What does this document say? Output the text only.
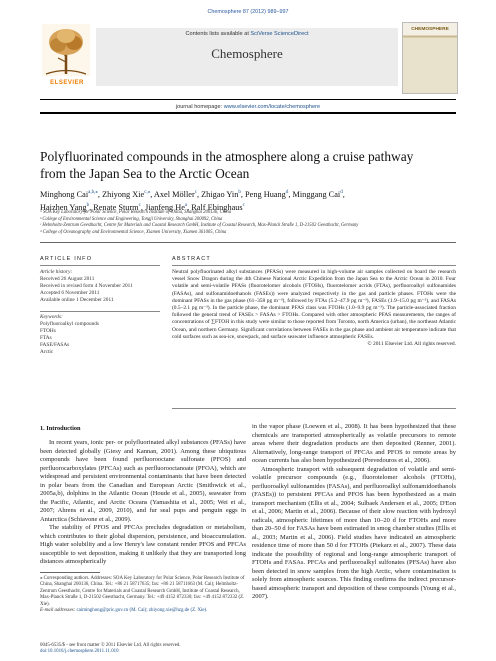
Chemosphere 87 (2012) 989–997
ELSEVIER
Contents lists available at SciVerse ScienceDirect
Chemosphere
CHEMOSPHERE
journal homepage: www.elsevier.com/locate/chemosphere
Polyfluorinated compounds in the atmosphere along a cruise pathway
from the Japan Sea to the Arctic Ocean
Minghong Cai$^{a,b,⁎}$, Zhiyong Xie$^{c,⁎}$, Axel Möller$^c$, Zhigao Yin$^b$, Peng Huang$^d$, Minggang Cai$^d$,
Haizhen Yang$^b$, Renate Sturm$^c$, Jianfeng He$^a$, Ralf Ebinghaus$^c$
ᵃ SOA Key Laboratory for Polar Science, Polar Research Institute of China, Shanghai 200136, China
ᵇ College of Environmental Science and Engineering, Tongji University, Shanghai 200092, China
ᶜ Helmholtz-Zentrum Geesthacht, Centre for Materials and Coastal Research GmbH, Institute of Coastal Research, Max-Planck Straße 1, D-21502 Geesthacht, Germany
ᵈ College of Oceanography and Environmental Science, Xiamen University, Xiamen 361005, China
ARTICLE INFO	ABSTRACT
Article history:
Received 26 August 2011
Received in revised form 4 November 2011
Accepted 6 November 2011
Available online 1 December 2011
Keywords:
Polyfluoroalkyl compounds
FTOHs
FTAs
FASE/FASAs
Arctic
Neutral polyfluorinated alkyl substances (PFASs) were measured in high-volume air samples collected on board the research vessel Snow Dragon during the 4th Chinese National Arctic Expedition from the Japan Sea to the Arctic Ocean in 2010. Four volatile and semi-volatile PFASs (fluorotelomer alcohols (FTOHs), fluorotelomer acrids (FTAs), perfluoroalkyl sulfonamides (FASAs), and sulfonamidoethanols (FASEs)) were analyzed respectively in the gas and particle phases. FTOHs were the dominant PFASs in the gas phase (61–358 pg m⁻³), followed by FTAs (5.2–47.9 pg m⁻³), FASEs (1.9–15.0 pg m⁻³), and FASAs (0.5–2.1 pg m⁻³). In the particle phase, the dominant PFAS class was FTOHs (1.0–9.9 pg m⁻³). The particle-associated fraction followed the general trend of FASEs > FASAs > FTOHs. Compared with other atmospheric PFAS measurements, the ranges of concentrations of ∑FTOH in this study were similar to those reported from Toronto, north America (urban), the northeast Atlantic Ocean, and northern Germany. Significant correlations between FASEs in the gas phase and ambient air temperature indicate that cold surfaces such as sea-ice, snowpack, and surface seawater influence atmospheric FASEs.
© 2011 Elsevier Ltd. All rights reserved.
1. Introduction

In recent years, ionic per- or polyfluorinated alkyl substances (PFASs) have been detected globally (Giesy and Kannan, 2001). Among these ubiquitous compounds have been found perfluorooctane sulfonate (PFOS) and perfluorocarboxylates (PFCAs) such as perfluorooctanoate (PFOA), which are widespread and persistent environmental contaminants that have been detected in polar bears from the Canadian and European Arctic (Smithwick et al., 2005a,b), dolphins in the Atlantic Ocean (Houde et al., 2005), seawater from the Pacific, Atlantic, and Arctic Oceans (Yamashita et al., 2005; Wei et al., 2007; Ahrens et al., 2009, 2010), and fur seal pups and penguin eggs in Antarctica (Schiavone et al., 2009).

The stability of PFOS and PFCAs precludes degradation or metabolism, which contributes to their global dispersion, persistence, and bioaccumulation. High water solubility and a low Henry's law constant render PFOS and PFCAs susceptible to wet deposition, making it unlikely that they are transported long distances atmospherically

in the vapor phase (Loewen et al., 2008). It has been hypothesized that these chemicals are transported atmospherically as volatile precursors to remote areas where their degradation products are then deposited (Renner, 2001). Alternatively, long-range transport of PFCAs and PFOS to remote areas by ocean currents has also been hypothesized (Prevedouros et al., 2006).

Atmospheric transport with subsequent degradation of volatile and semi-volatile precursor compounds (e.g., fluorotelomer alcohols (FTOHs), perfluoroalkyl sulfonamides (FASAs), and perfluoroalkyl sulfonamidoethanols (FASEs)) to persistent PFCAs and PFOS has been hypothesized as a main transport mechanism (Ellis et al., 2004; Sulbaek Andersen et al., 2005; D'Eon et al., 2006; Martin et al., 2006). Because of their slow reaction with hydroxyl radicals, atmospheric lifetimes of more than 10–20 d for FTOHs and more than 20–50 d for FASAs have been estimated in smog chamber studies (Ellis et al., 2003; Martin et al., 2006). Field studies have indicated an atmospheric residence time of more than 50 d for FTOHs (Piekarz et al., 2007). These data indicate the possibility of regional and long-range atmospheric transport of FTOHs and FASAs. PFCAs and perfluoroalkyl sulfonates (PFSAs) have also been detected in snow samples from the high Arctic, where contamination is solely from atmospheric sources. This finding confirms the indirect precursor-based atmospheric transport and deposition of these compounds (Young et al., 2007).

⁎ Corresponding authors. Addresses: SOA Key Laboratory for Polar Science, Polar Research Institute of China, Shanghai 200136, China. Tel.: +86 21 58717635; fax: +86 21 58711663 (M. Cai); Helmholtz-Zentrum Geesthacht, Centre for Materials and Coastal Research GmbH, Institute of Coastal Research, Max-Planck Straße 1, D-21502 Geesthacht, Germany. Tel.: +49 4152 872330; fax: +49 4152 872332 (Z. Xie).
E-mail addresses: caiminghong@pric.gov.cn (M. Cai); zhiyong.xie@hzg.de (Z. Xie).
0045-6535/$ - see front matter © 2011 Elsevier Ltd. All rights reserved.
doi:10.1016/j.chemosphere.2011.11.010
